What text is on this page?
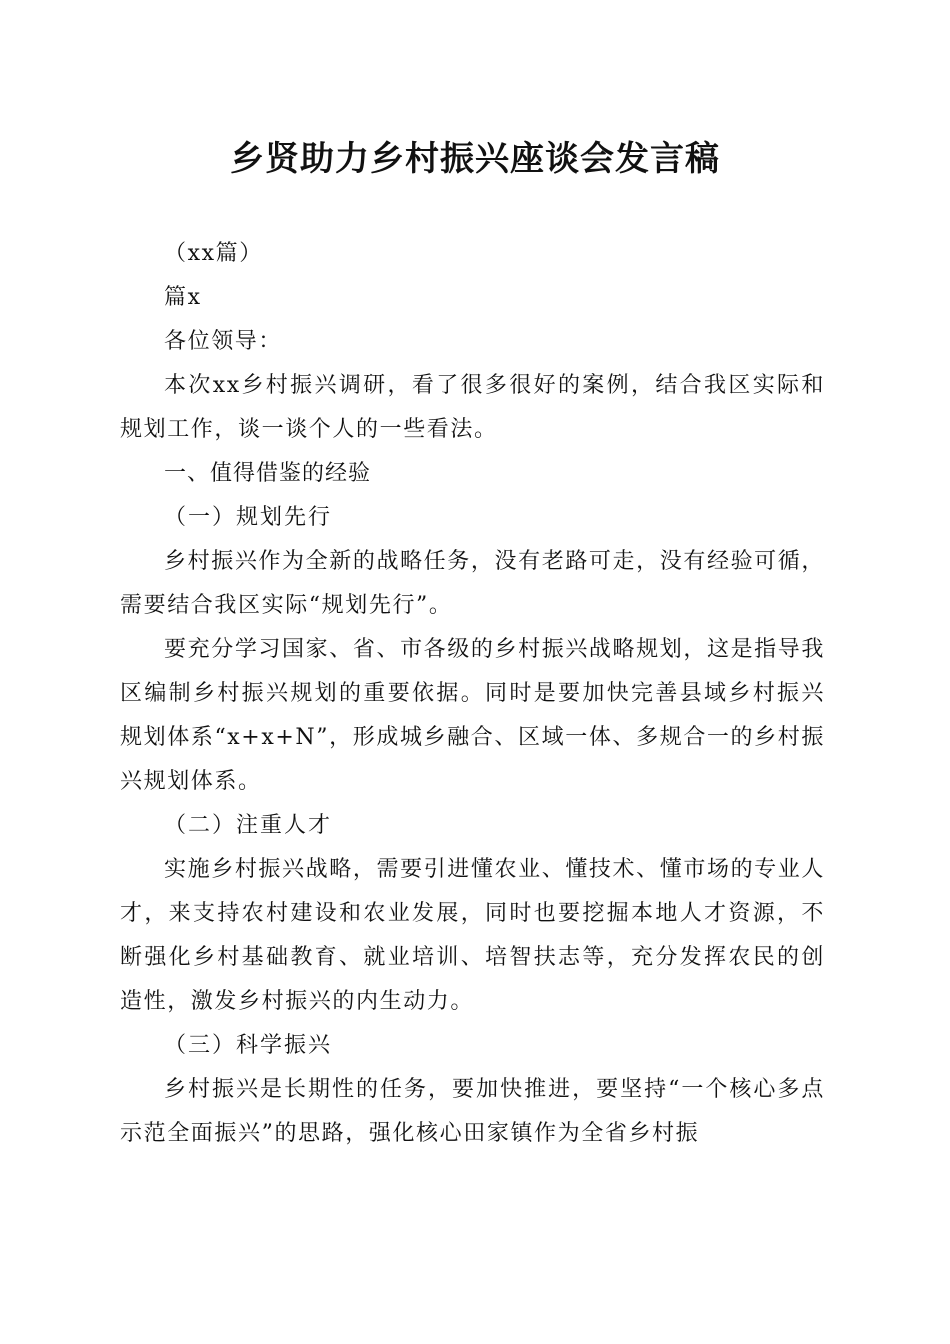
乡贤助力乡村振兴座谈会发言稿

（xx篇）

篇x

各位领导：

本次xx乡村振兴调研，看了很多很好的案例，结合我区实际和规划工作，谈一谈个人的一些看法。

一、值得借鉴的经验

（一）规划先行

乡村振兴作为全新的战略任务，没有老路可走，没有经验可循，需要结合我区实际“规划先行”。

要充分学习国家、省、市各级的乡村振兴战略规划，这是指导我区编制乡村振兴规划的重要依据。同时是要加快完善县域乡村振兴规划体系“x+x+N”，形成城乡融合、区域一体、多规合一的乡村振兴规划体系。

（二）注重人才

实施乡村振兴战略，需要引进懂农业、懂技术、懂市场的专业人才，来支持农村建设和农业发展，同时也要挖掘本地人才资源，不断强化乡村基础教育、就业培训、培智扶志等，充分发挥农民的创造性，激发乡村振兴的内生动力。

（三）科学振兴

乡村振兴是长期性的任务，要加快推进，要坚持“一个核心多点示范全面振兴”的思路，强化核心田家镇作为全省乡村振
